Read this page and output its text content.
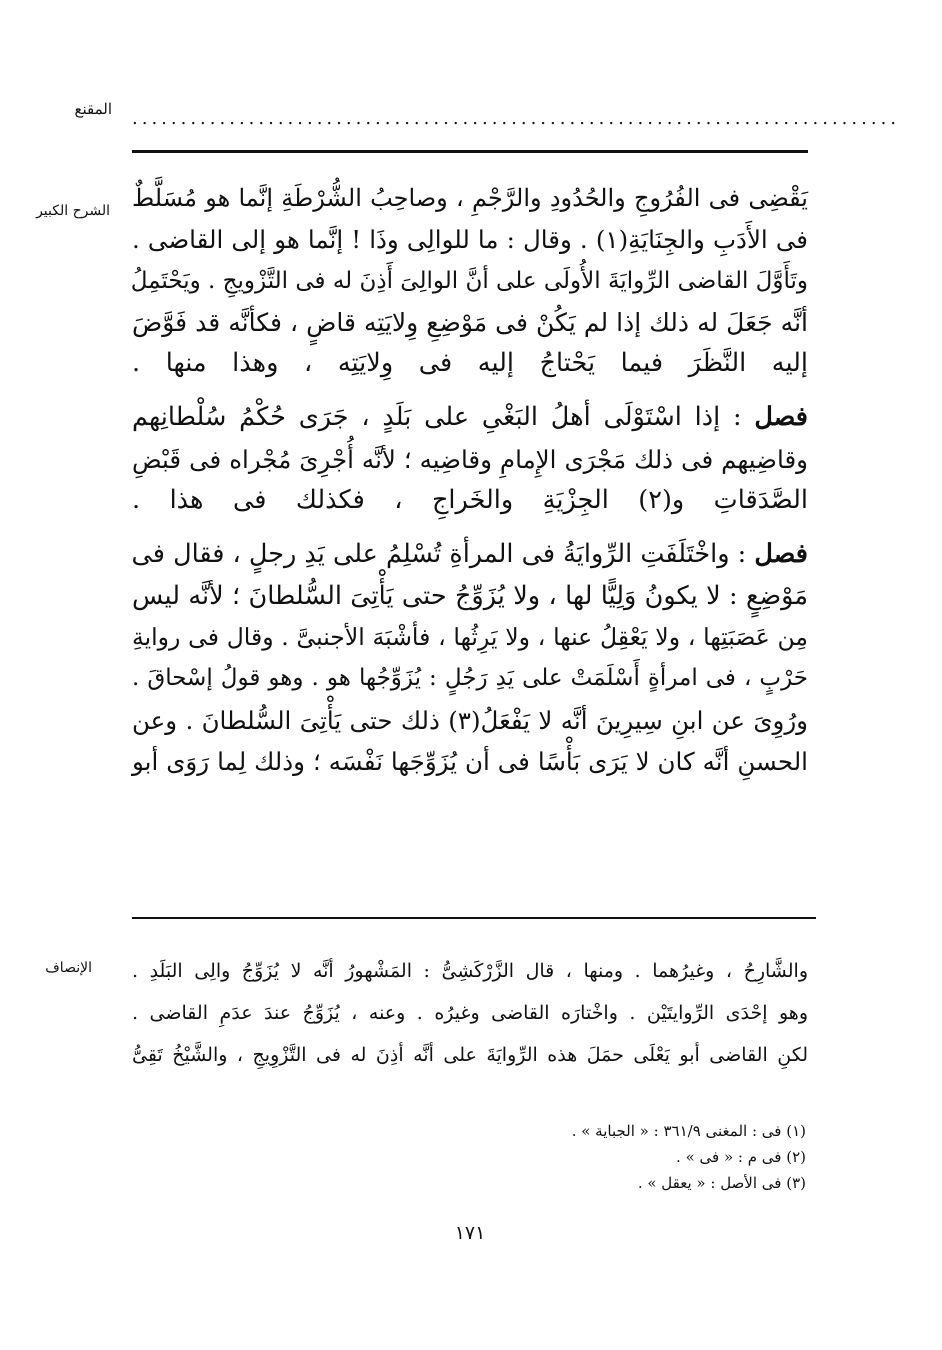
المقنع ...............................................................................
الشرح الكبير
الإنصاف
يَقْضِى فى الفُرُوجِ والحُدُودِ والرَّجْمِ ، وصاحِبُ الشُّرْطَةِ إنَّما هو مُسَلَّطٌ
فى الأَدَبِ والجِنَايَةِ(١) . وقال : ما للوالِى وذَا ! إنَّما هو إلى القاضى .
وتَأَوَّلَ القاضى الرِّوايَةَ الأُولَى على أنَّ الوالِىَ أَذِنَ له فى التَّزْويجِ . ويَحْتَمِلُ
أنَّه جَعَلَ له ذلك إذا لم يَكُنْ فى مَوْضِعِ وِلايَتِه قاضٍ ، فكأنَّه قد فَوَّضَ
إليه النَّظَرَ فيما يَحْتاجُ إليه فى وِلايَتِه ، وهذا منها .
فصل : إذا اسْتَوْلَى أهلُ البَغْىِ على بَلَدٍ ، جَرَى حُكْمُ سُلْطانِهم
وقاضِيهم فى ذلك مَجْرَى الإِمامِ وقاضِيه ؛ لأنَّه أُجْرِىَ مُجْراه فى قَبْضِ
الصَّدَقاتِ و(٢) الجِزْيَةِ والخَراجِ ، فكذلك فى هذا .
فصل : واخْتَلَفَتِ الرِّوايَةُ فى المرأةِ تُسْلِمُ على يَدِ رجلٍ ، فقال فى
مَوْضِعٍ : لا يكونُ وَلِيًّا لها ، ولا يُزَوِّجُ حتى يَأْتِىَ السُّلطانَ ؛ لأنَّه ليس
مِن عَصَبَتِها ، ولا يَعْقِلُ عنها ، ولا يَرِثُها ، فأشْبَهَ الأجنبىَّ . وقال فى روايةِ
حَرْبٍ ، فى امرأةٍ أَسْلَمَتْ على يَدِ رَجُلٍ : يُزَوِّجُها هو . وهو قولُ إسْحاقَ .
ورُوِىَ عن ابنِ سِيرِينَ أنَّه لا يَفْعَلُ(٣) ذلك حتى يَأْتِىَ السُّلطانَ . وعن
الحسنِ أنَّه كان لا يَرَى بَأْسًا فى أن يُزَوِّجَها نَفْسَه ؛ وذلك لِما رَوَى أبو
والشَّارِحُ ، وغيرُهما . ومنها ، قال الزَّرْكَشِىُّ : المَشْهورُ أنَّه لا يُزَوِّجُ والِى البَلَدِ .
وهو إحْدَى الرِّوايتَيْن . واخْتارَه القاضى وغيرُه . وعنه ، يُزَوِّجُ عندَ عدَمِ القاضى .
لكنِ القاضى أبو يَعْلَى حمَلَ هذه الرِّوايَةَ على أنَّه أذِنَ له فى التَّزْوِيجِ ، والشَّيْخُ تَقِىُّ
(١) فى : المغنى ٣٦١/٩ : « الجباية » .
(٢) فى م : « فى » .
(٣) فى الأصل : « يعقل » .
١٧١
